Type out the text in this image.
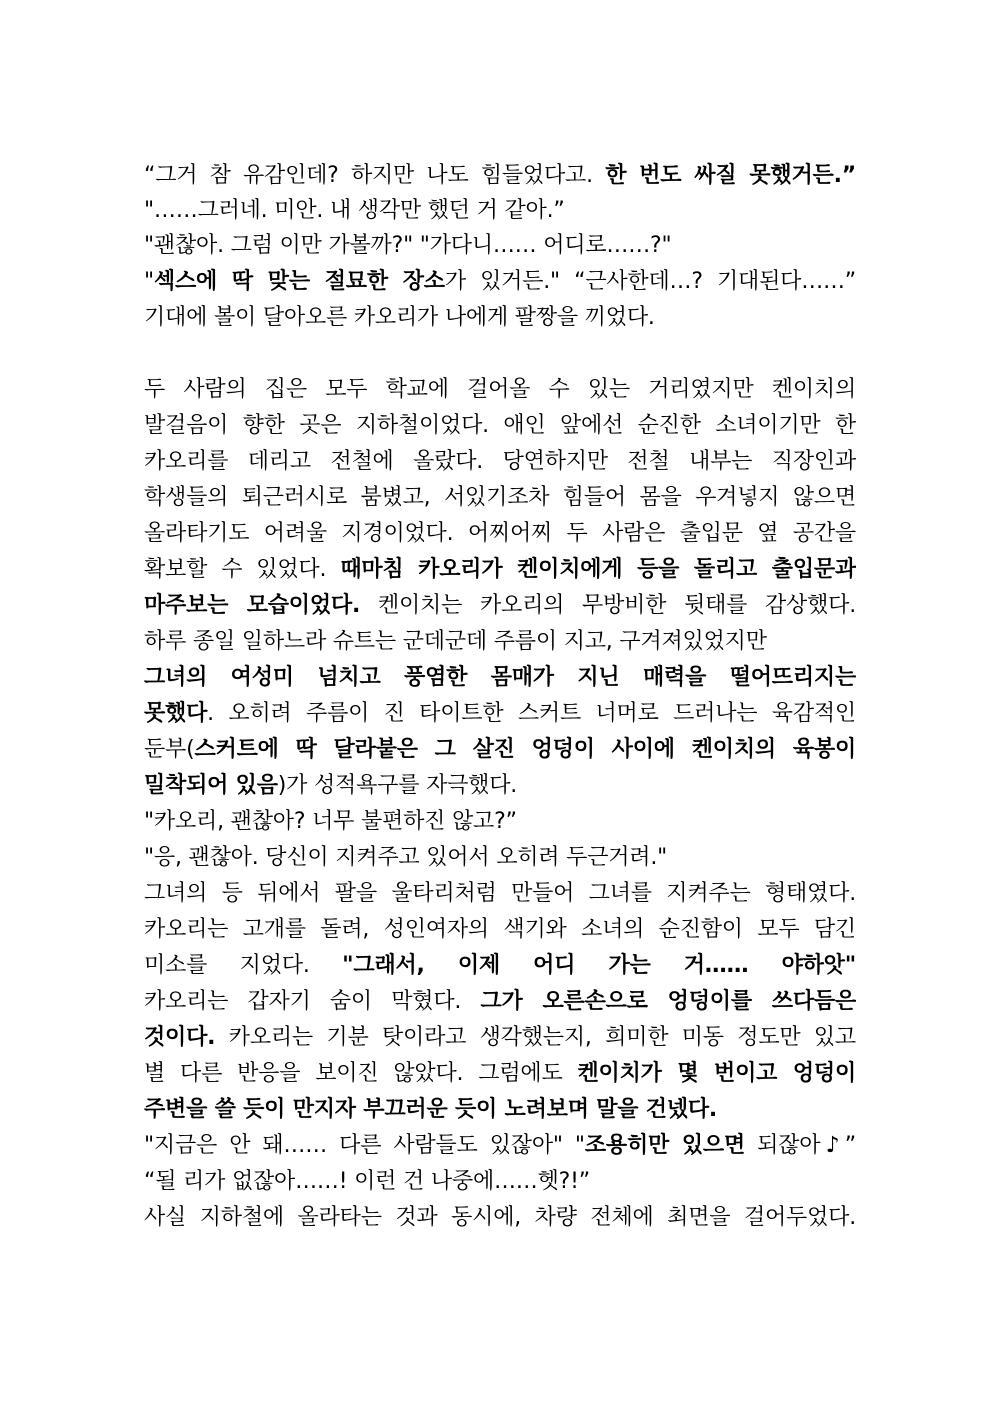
“그거 참 유감인데? 하지만 나도 힘들었다고. 한 번도 싸질 못했거든.”
"……그러네. 미안. 내 생각만 했던 거 같아.”
"괜찮아. 그럼 이만 가볼까?" "가다니…… 어디로……?"
"섹스에 딱 맞는 절묘한 장소가 있거든." “근사한데…? 기대된다……”
기대에 볼이 달아오른 카오리가 나에게 팔짱을 끼었다.
두 사람의 집은 모두 학교에 걸어올 수 있는 거리였지만 켄이치의
발걸음이 향한 곳은 지하철이었다. 애인 앞에선 순진한 소녀이기만 한
카오리를 데리고 전철에 올랐다. 당연하지만 전철 내부는 직장인과
학생들의 퇴근러시로 붐볐고, 서있기조차 힘들어 몸을 우겨넣지 않으면
올라타기도 어려울 지경이었다. 어찌어찌 두 사람은 출입문 옆 공간을
확보할 수 있었다. 때마침 카오리가 켄이치에게 등을 돌리고 출입문과
마주보는 모습이었다. 켄이치는 카오리의 무방비한 뒷태를 감상했다.
하루 종일 일하느라 슈트는 군데군데 주름이 지고, 구겨져있었지만
그녀의 여성미 넘치고 풍염한 몸매가 지닌 매력을 떨어뜨리지는
못했다. 오히려 주름이 진 타이트한 스커트 너머로 드러나는 육감적인
둔부(스커트에 딱 달라붙은 그 살진 엉덩이 사이에 켄이치의 육봉이
밀착되어 있음)가 성적욕구를 자극했다.
"카오리, 괜찮아? 너무 불편하진 않고?”
"응, 괜찮아. 당신이 지켜주고 있어서 오히려 두근거려."
그녀의 등 뒤에서 팔을 울타리처럼 만들어 그녀를 지켜주는 형태였다.
카오리는 고개를 돌려, 성인여자의 색기와 소녀의 순진함이 모두 담긴
미소를 지었다. "그래서, 이제 어디 가는 거…… 야하앗"
카오리는 갑자기 숨이 막혔다. 그가 오른손으로 엉덩이를 쓰다듬은
것이다. 카오리는 기분 탓이라고 생각했는지, 희미한 미동 정도만 있고
별 다른 반응을 보이진 않았다. 그럼에도 켄이치가 몇 번이고 엉덩이
주변을 쓸 듯이 만지자 부끄러운 듯이 노려보며 말을 건넸다.
"지금은 안 돼…… 다른 사람들도 있잖아" "조용히만 있으면 되잖아♪”
“될 리가 없잖아……! 이런 건 나중에……헷?!”
사실 지하철에 올라타는 것과 동시에, 차량 전체에 최면을 걸어두었다.
